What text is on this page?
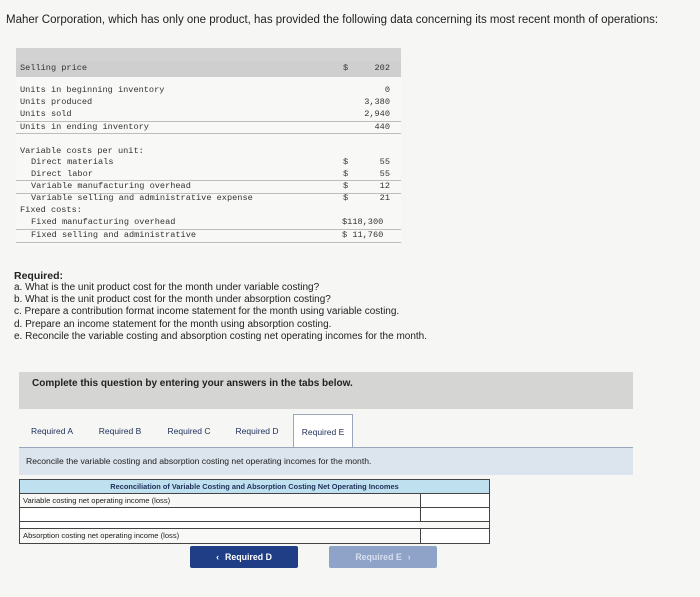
Maher Corporation, which has only one product, has provided the following data concerning its most recent month of operations:
Selling price	$	202
Units in beginning inventory	0
Units produced	3,380
Units sold	2,940
Units in ending inventory	440
Variable costs per unit:
Direct materials	$	55
Direct labor	$	55
Variable manufacturing overhead	$	12
Variable selling and administrative expense	$	21
Fixed costs:
Fixed manufacturing overhead	$118,300
Fixed selling and administrative	$ 11,760
Required:
a. What is the unit product cost for the month under variable costing?
b. What is the unit product cost for the month under absorption costing?
c. Prepare a contribution format income statement for the month using variable costing.
d. Prepare an income statement for the month using absorption costing.
e. Reconcile the variable costing and absorption costing net operating incomes for the month.
Complete this question by entering your answers in the tabs below.
Required A	Required B	Required C	Required D	Required E
Reconcile the variable costing and absorption costing net operating incomes for the month.
Reconciliation of Variable Costing and Absorption Costing Net Operating Incomes
Variable costing net operating income (loss)
Absorption costing net operating income (loss)
‹ Required D	Required E ›
